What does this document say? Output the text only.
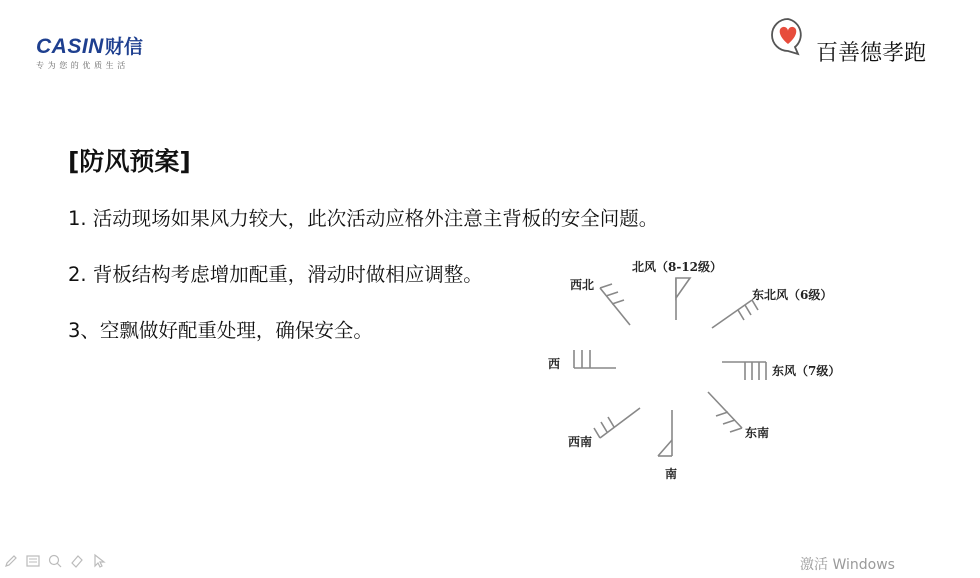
CASIN 财信
专为您的优质生活	百善德孝跑
[防风预案]
1. 活动现场如果风力较大，此次活动应格外注意主背板的安全问题。
2. 背板结构考虑增加配重，滑动时做相应调整。
3、空飘做好配重处理，确保安全。
北风（8-12级）
东北风（6级）
东风（7级）
东南
南
西南
西
西北
激活 Windows
